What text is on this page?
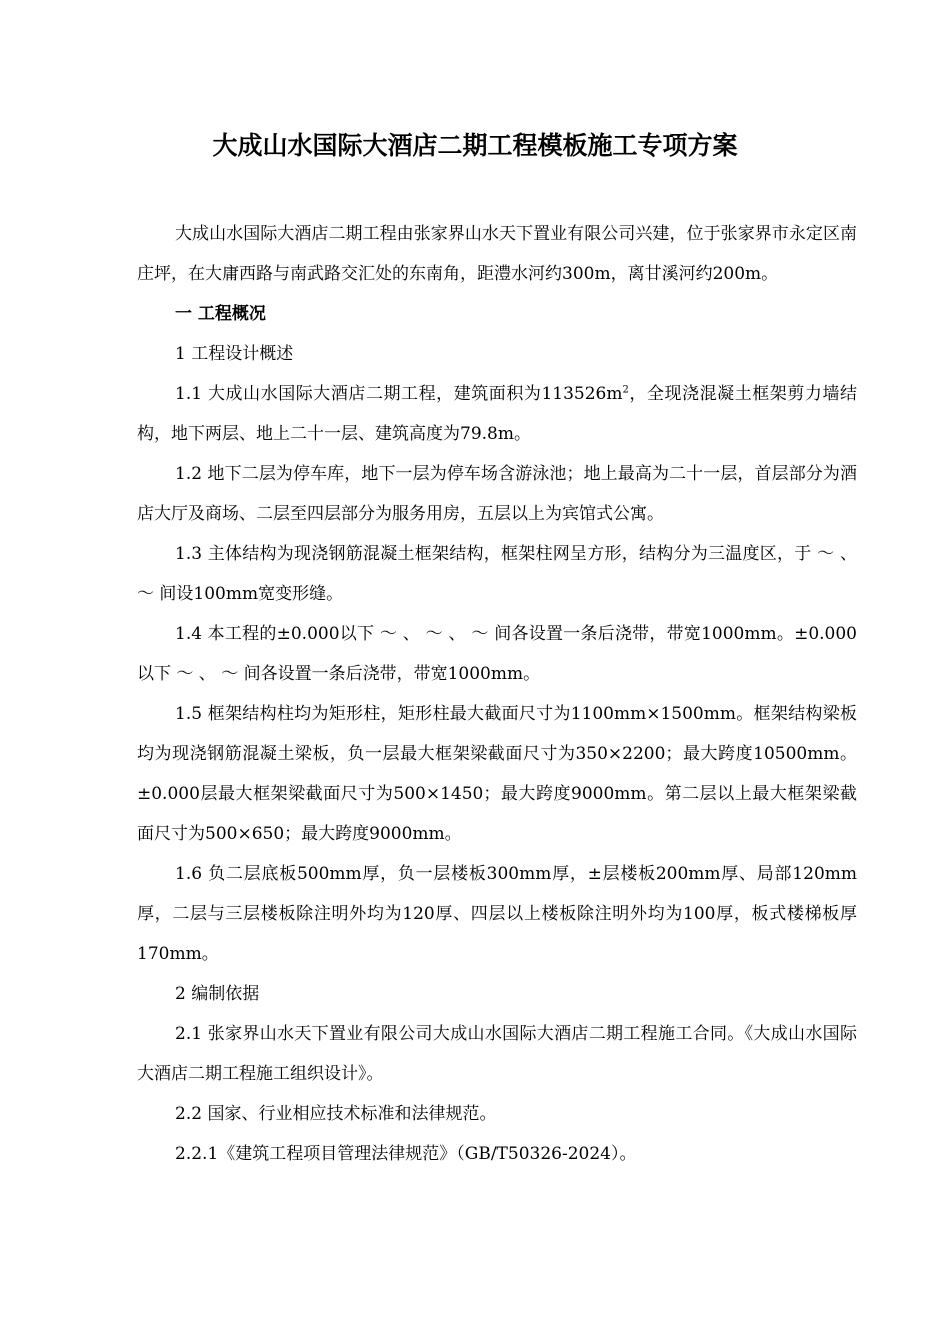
大成山水国际大酒店二期工程模板施工专项方案

大成山水国际大酒店二期工程由张家界山水天下置业有限公司兴建，位于张家界市永定区南庄坪，在大庸西路与南武路交汇处的东南角，距澧水河约300m，离甘溪河约200m。

一 工程概况

1 工程设计概述

1.1 大成山水国际大酒店二期工程，建筑面积为$113526m^2$，全现浇混凝土框架剪力墙结构，地下两层、地上二十一层、建筑高度为79.8m。

1.2 地下二层为停车库，地下一层为停车场含游泳池；地上最高为二十一层，首层部分为酒店大厅及商场、二层至四层部分为服务用房，五层以上为宾馆式公寓。

1.3 主体结构为现浇钢筋混凝土框架结构，框架柱网呈方形，结构分为三温度区，于 ～ 、 ～ 间设100mm宽变形缝。

1.4 本工程的±0.000以下 ～ 、 ～ 、 ～ 间各设置一条后浇带，带宽1000mm。±0.000以下 ～ 、 ～ 间各设置一条后浇带，带宽1000mm。

1.5 框架结构柱均为矩形柱，矩形柱最大截面尺寸为1100mm×1500mm。框架结构梁板均为现浇钢筋混凝土梁板，负一层最大框架梁截面尺寸为350×2200；最大跨度10500mm。±0.000层最大框架梁截面尺寸为500×1450；最大跨度9000mm。第二层以上最大框架梁截面尺寸为500×650；最大跨度9000mm。

1.6 负二层底板500mm厚，负一层楼板300mm厚，±层楼板200mm厚、局部120mm厚，二层与三层楼板除注明外均为120厚、四层以上楼板除注明外均为100厚，板式楼梯板厚170mm。

2 编制依据

2.1 张家界山水天下置业有限公司大成山水国际大酒店二期工程施工合同。《大成山水国际大酒店二期工程施工组织设计》。

2.2 国家、行业相应技术标准和法律规范。

2.2.1《建筑工程项目管理法律规范》（GB/T50326-2024）。
